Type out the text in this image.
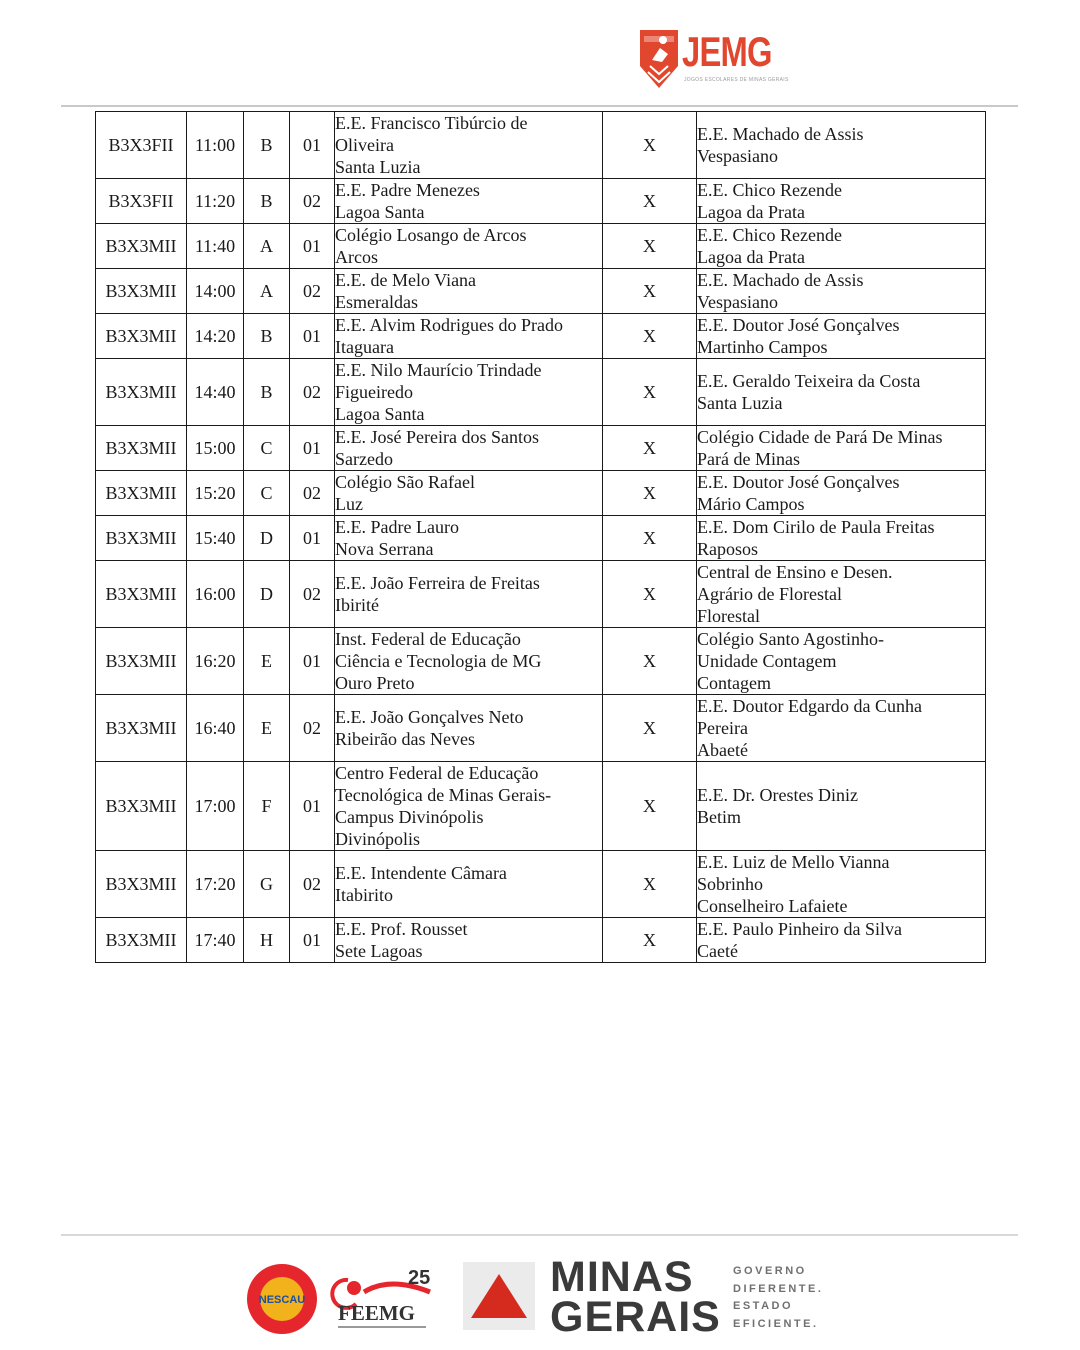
JEMG
JOGOS ESCOLARES DE MINAS GERAIS
B3X3FII	11:00	B	01	E.E. Francisco Tibúrcio de
Oliveira
Santa Luzia	X	E.E. Machado de Assis
Vespasiano

B3X3FII	11:20	B	02	E.E. Padre Menezes
Lagoa Santa	X	E.E. Chico Rezende
Lagoa da Prata

B3X3MII	11:40	A	01	Colégio Losango de Arcos
Arcos	X	E.E. Chico Rezende
Lagoa da Prata

B3X3MII	14:00	A	02	E.E. de Melo Viana
Esmeraldas	X	E.E. Machado de Assis
Vespasiano

B3X3MII	14:20	B	01	E.E. Alvim Rodrigues do Prado
Itaguara	X	E.E. Doutor José Gonçalves
Martinho Campos

B3X3MII	14:40	B	02	E.E. Nilo Maurício Trindade
Figueiredo
Lagoa Santa	X	E.E. Geraldo Teixeira da Costa
Santa Luzia

B3X3MII	15:00	C	01	E.E. José Pereira dos Santos
Sarzedo	X	Colégio Cidade de Pará De Minas
Pará de Minas

B3X3MII	15:20	C	02	Colégio São Rafael
Luz	X	E.E. Doutor José Gonçalves
Mário Campos

B3X3MII	15:40	D	01	E.E. Padre Lauro
Nova Serrana	X	E.E. Dom Cirilo de Paula Freitas
Raposos

B3X3MII	16:00	D	02	E.E. João Ferreira de Freitas
Ibirité	X	Central de Ensino e Desen.
Agrário de Florestal
Florestal

B3X3MII	16:20	E	01	Inst. Federal de Educação
Ciência e Tecnologia de MG
Ouro Preto	X	Colégio Santo Agostinho-
Unidade Contagem
Contagem

B3X3MII	16:40	E	02	E.E. João Gonçalves Neto
Ribeirão das Neves	X	E.E. Doutor Edgardo da Cunha
Pereira
Abaeté

B3X3MII	17:00	F	01	Centro Federal de Educação
Tecnológica de Minas Gerais-
Campus Divinópolis
Divinópolis	X	E.E. Dr. Orestes Diniz
Betim

B3X3MII	17:20	G	02	E.E. Intendente Câmara
Itabirito	X	E.E. Luiz de Mello Vianna
Sobrinho
Conselheiro Lafaiete

B3X3MII	17:40	H	01	E.E. Prof. Rousset
Sete Lagoas	X	E.E. Paulo Pinheiro da Silva
Caeté
NESCAU
25
FEEMG
MINAS
GERAIS
GOVERNO
DIFERENTE.
ESTADO
EFICIENTE.
